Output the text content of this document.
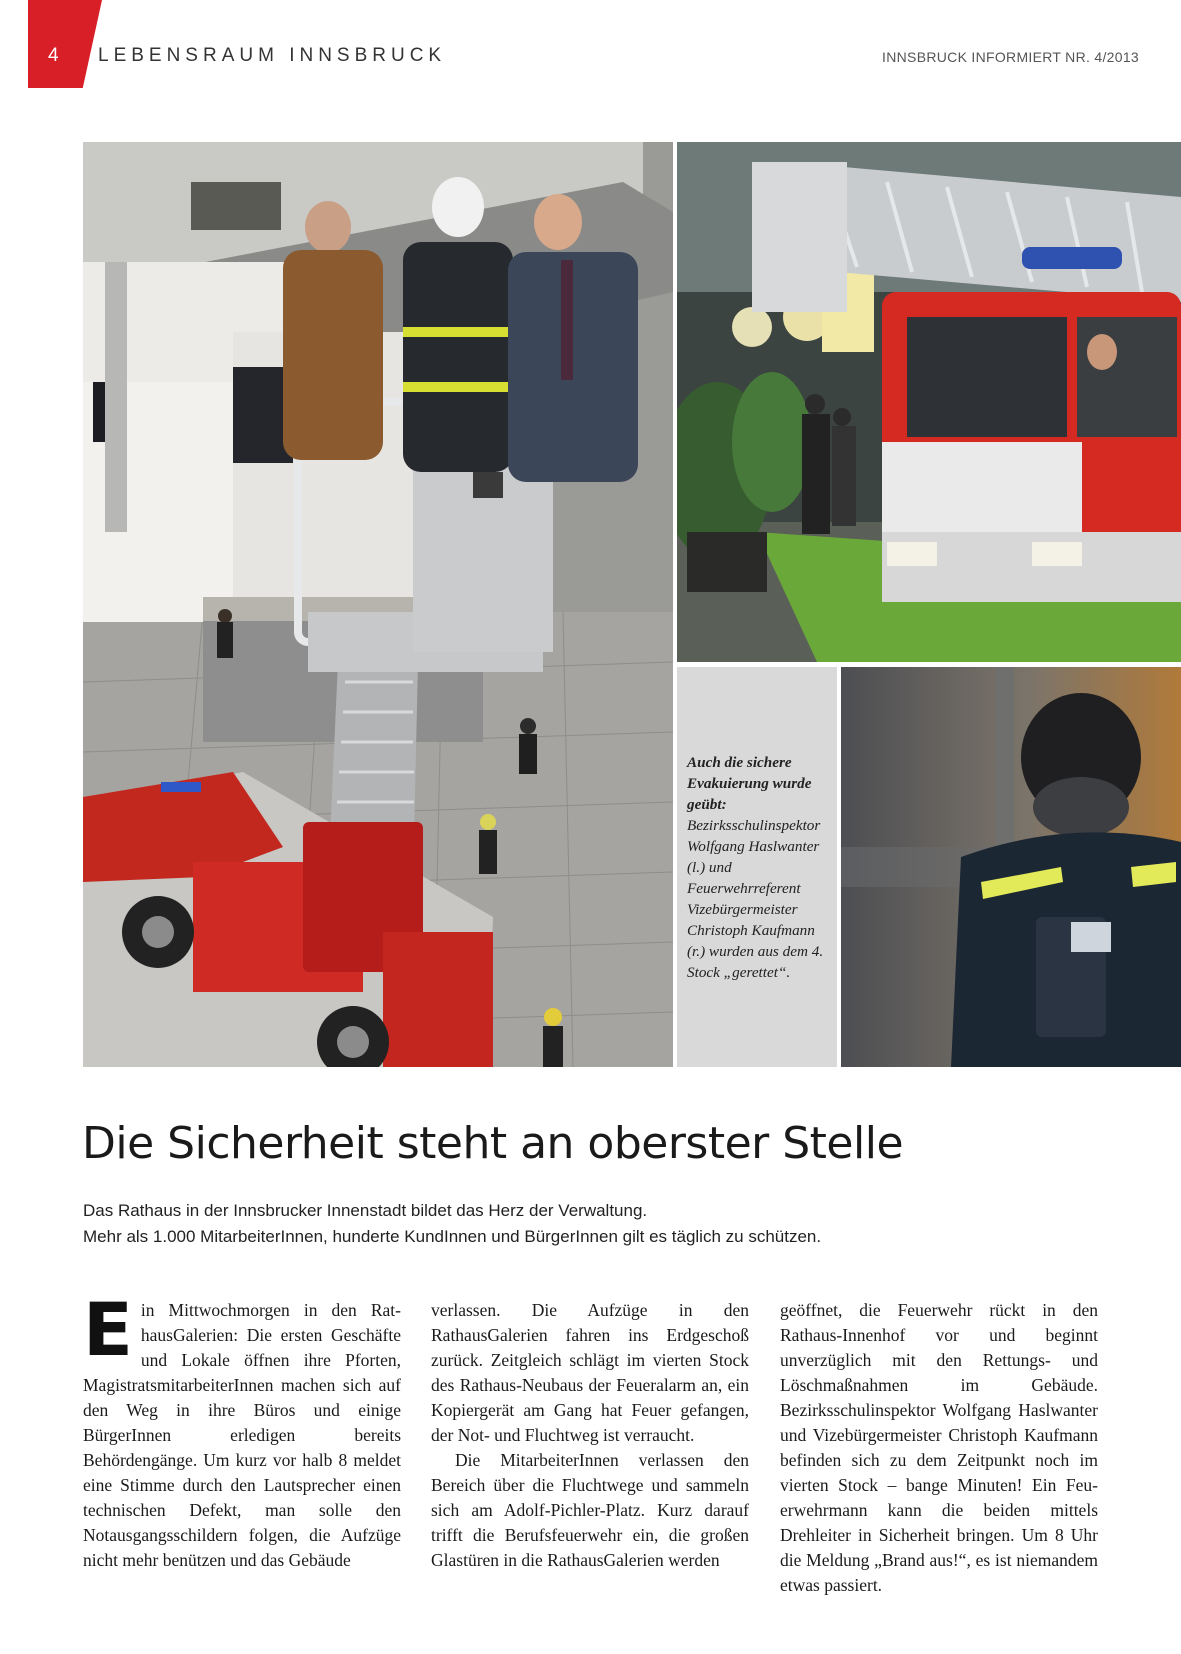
4 LEBENSRAUM INNSBRUCK	INNSBRUCK INFORMIERT NR. 4/2013
Auch die sichere Evakuierung wurde geübt: Bezirksschulinspektor Wolfgang Haslwanter (l.) und Feuerwehrreferent Vizebürgermeister Christoph Kaufmann (r.) wurden aus dem 4. Stock „gerettet“.
Die Sicherheit steht an oberster Stelle
Das Rathaus in der Innsbrucker Innenstadt bildet das Herz der Verwaltung.
Mehr als 1.000 MitarbeiterInnen, hunderte KundInnen und BürgerInnen gilt es täglich zu schützen.

Ein Mittwochmorgen in den RathausGalerien: Die ersten Geschäfte und Lokale öffnen ihre Pforten, MagistratsmitarbeiterInnen machen sich auf den Weg in ihre Büros und einige BürgerInnen erledigen bereits Behördengänge. Um kurz vor halb 8 meldet eine Stimme durch den Lautsprecher einen technischen Defekt, man solle den Notausgangsschildern folgen, die Aufzüge nicht mehr benützen und das Gebäude

verlassen. Die Aufzüge in den RathausGalerien fahren ins Erdgeschoß zurück. Zeitgleich schlägt im vierten Stock des Rathaus-Neubaus der Feueralarm an, ein Kopiergerät am Gang hat Feuer gefangen, der Not- und Fluchtweg ist verraucht.

Die MitarbeiterInnen verlassen den Bereich über die Fluchtwege und sammeln sich am Adolf-Pichler-Platz. Kurz darauf trifft die Berufsfeuerwehr ein, die großen Glastüren in die RathausGalerien werden

geöffnet, die Feuerwehr rückt in den Rathaus-Innenhof vor und beginnt unverzüglich mit den Rettungs- und Löschmaßnahmen im Gebäude. Bezirksschulinspektor Wolfgang Haslwanter und Vizebürgermeister Christoph Kaufmann befinden sich zu dem Zeitpunkt noch im vierten Stock – bange Minuten! Ein Feuerwehrmann kann die beiden mittels Drehleiter in Sicherheit bringen. Um 8 Uhr die Meldung „Brand aus!“, es ist niemandem etwas passiert.
